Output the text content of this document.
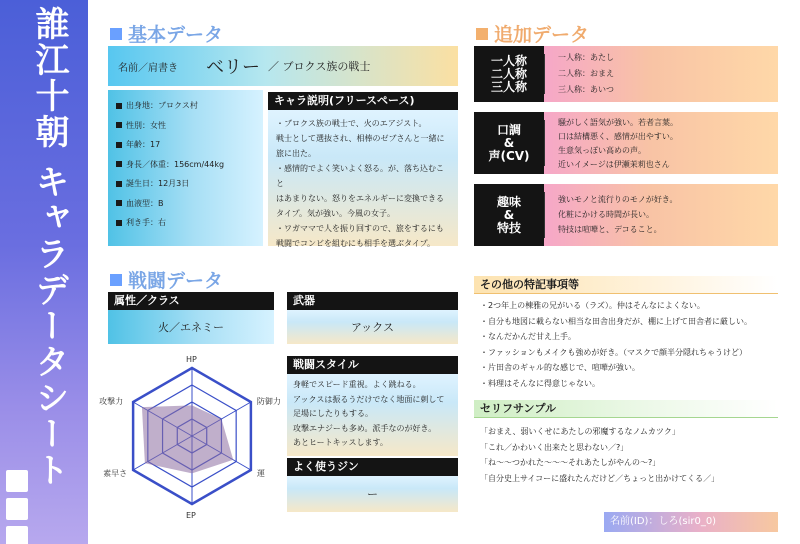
誰江十朝 キャラデータシート	基本データ
名前／肩書き ベリー ／ ブロクス族の戦士
出身地：ブロクス村
性別：女性
年齢：17
身長／体重：156cm/44kg
誕生日：12月3日
血液型：B
利き手：右
キャラ説明(フリースペース)
・ブロクス族の戦士で、火のエアジスト。
戦士として選抜され、相棒のゼブさんと一緒に
旅に出た。
・感情的でよく笑いよく怒る。が、落ち込むこと
はあまりない。怒りをエネルギーに変換できる
タイプ。気が強い。今風の女子。
・ワガママで人を振り回すので、旅をするにも
戦闘でコンビを組むにも相手を選ぶタイプ。
追加データ
一人称
二人称
三人称
一人称：あたし
二人称：おまえ
三人称：あいつ
口調
&
声(CV)
騒がしく語気が強い。若者言葉。
口は結構悪く、感情が出やすい。
生意気っぽい高めの声。
近いイメージは伊瀬茉莉也さん
趣味
&
特技
強いモノと流行りのモノが好き。
化粧にかける時間が長い。
特技は喧嘩と、デコること。
戦闘データ
属性／クラス
火／エネミー
武器
アックス
戦闘スタイル
身軽でスピード重視。よく跳ねる。
アックスは振るうだけでなく地面に刺して
足場にしたりもする。
攻撃エナジーも多め。派手なのが好き。
あとヒートキッスします。
よく使うジン
ー
HP
防御力
運
EP
素早さ
攻撃力
その他の特記事項等
・2つ年上の棟雅の兄がいる（ラズ）。仲はそんなによくない。
・自分も地図に載らない相当な田舎出身だが、棚に上げて田舎者に厳しい。
・なんだかんだ甘え上手。
・ファッションもメイクも強めが好き。（マスクで顔半分隠れちゃうけど）
・片田舎のギャル的な感じで、喧嘩が強い。
・料理はそんなに得意じゃない。
セリフサンプル
「おまえ、弱いくせにあたしの邪魔するなノムカツク」
「これ／かわいく出来たと思わない／?」
「ね～～つかれた～～～それあたしがやんの～?」
「自分史上サイコーに盛れたんだけど／ちょっと出かけてくる／」
名前(ID)：しろ(sir0_0)
